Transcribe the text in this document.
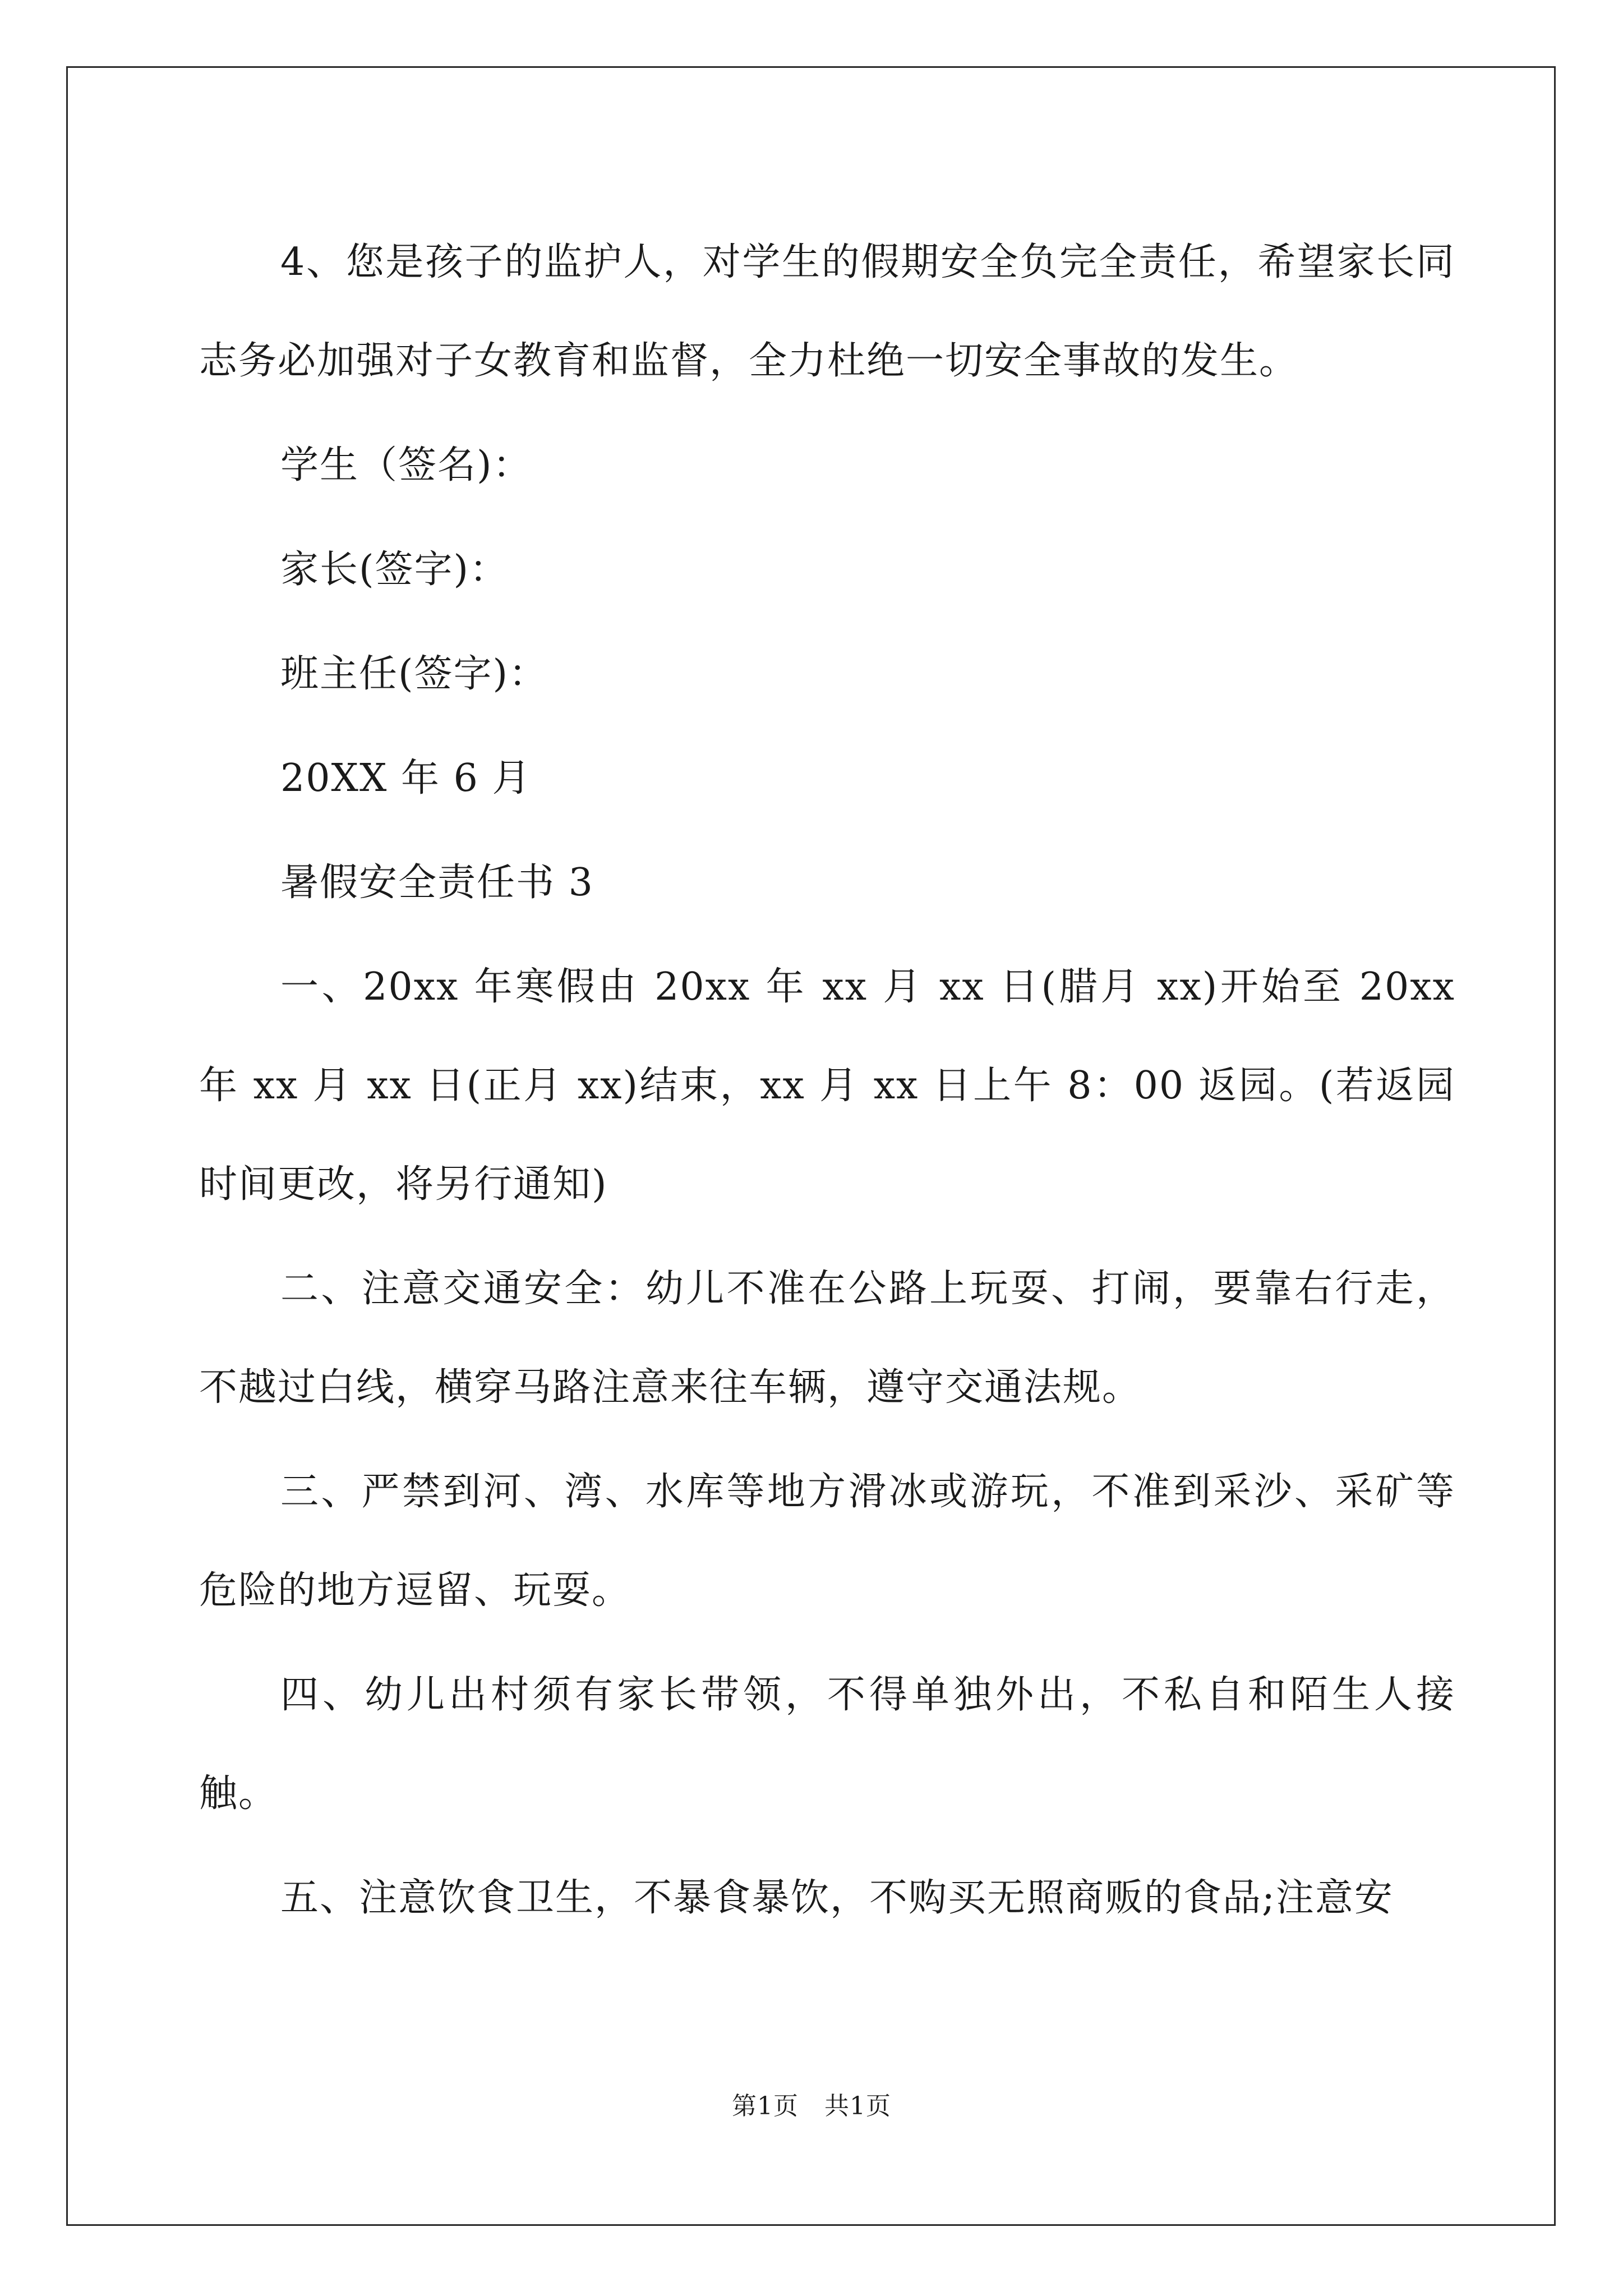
4、您是孩子的监护人，对学生的假期安全负完全责任，希望家长同志务必加强对子女教育和监督，全力杜绝一切安全事故的发生。

学生（签名)：

家长(签字)：

班主任(签字)：

20XX 年 6 月

暑假安全责任书 3

一、20xx 年寒假由 20xx 年 xx 月 xx 日(腊月 xx)开始至 20xx 年 xx 月 xx 日(正月 xx)结束，xx 月 xx 日上午 8：00 返园。(若返园时间更改，将另行通知)

二、注意交通安全：幼儿不准在公路上玩耍、打闹，要靠右行走，不越过白线，横穿马路注意来往车辆，遵守交通法规。

三、严禁到河、湾、水库等地方滑冰或游玩，不准到采沙、采矿等危险的地方逗留、玩耍。

四、幼儿出村须有家长带领，不得单独外出，不私自和陌生人接触。

五、注意饮食卫生，不暴食暴饮，不购买无照商贩的食品;注意安

第1页 共1页
